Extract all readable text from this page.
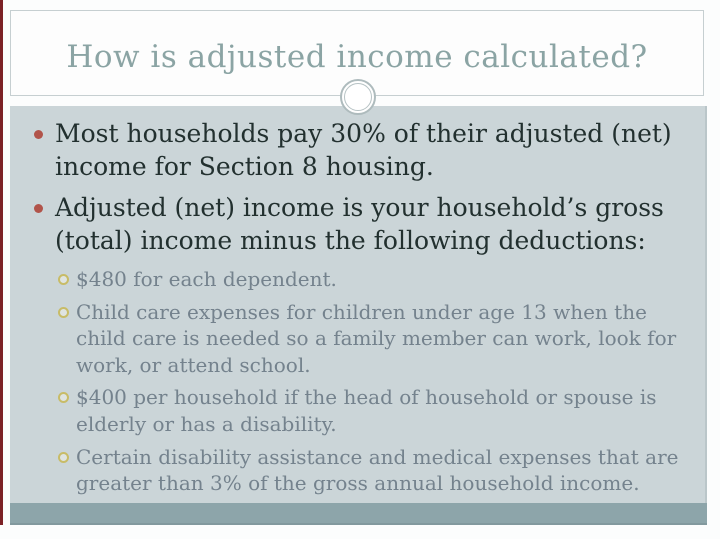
How is adjusted income calculated?
Most households pay 30% of their adjusted (net) income for Section 8 housing.
Adjusted (net) income is your household’s gross (total) income minus the following deductions:
$480 for each dependent.
Child care expenses for children under age 13 when the child care is needed so a family member can work, look for work, or attend school.
$400 per household if the head of household or spouse is elderly or has a disability.
Certain disability assistance and medical expenses that are greater than 3% of the gross annual household income.
